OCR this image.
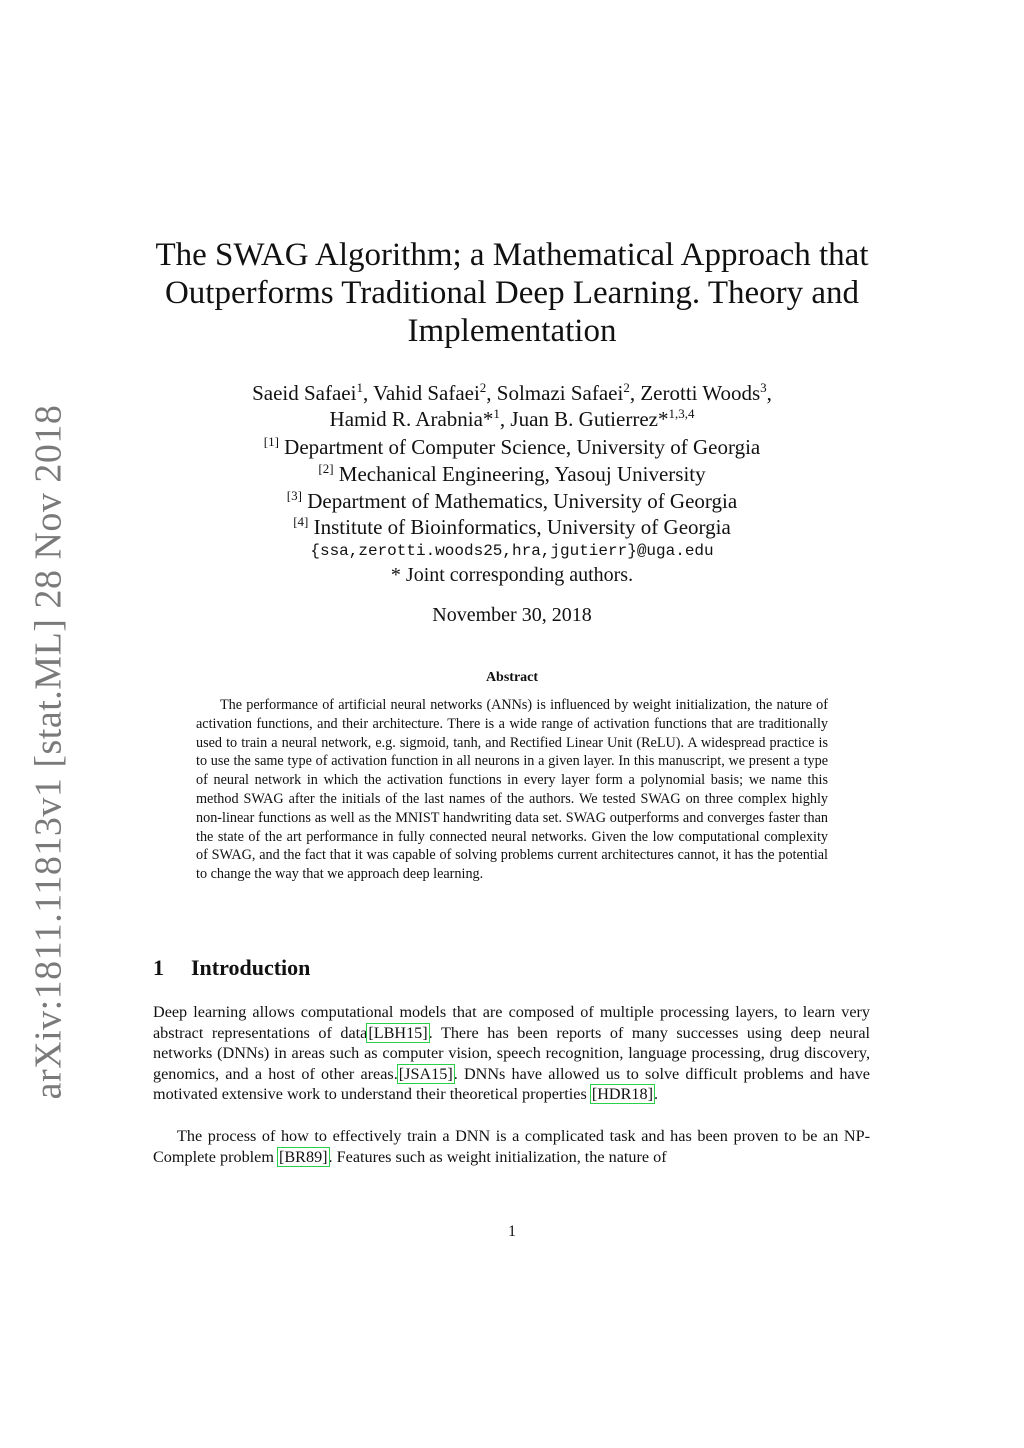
arXiv:1811.11813v1 [stat.ML] 28 Nov 2018
The SWAG Algorithm; a Mathematical Approach that
Outperforms Traditional Deep Learning. Theory and
Implementation
Saeid Safaei$^1$, Vahid Safaei$^2$, Solmazi Safaei$^2$, Zerotti Woods$^3$,
Hamid R. Arabnia*$^1$, Juan B. Gutierrez*$^{1,3,4}$
[1] Department of Computer Science, University of Georgia
[2] Mechanical Engineering, Yasouj University
[3] Department of Mathematics, University of Georgia
[4] Institute of Bioinformatics, University of Georgia
{ssa,zerotti.woods25,hra,jgutierr}@uga.edu
* Joint corresponding authors.
November 30, 2018
Abstract
The performance of artificial neural networks (ANNs) is influenced by weight initialization, the nature of activation functions, and their architecture. There is a wide range of activation functions that are traditionally used to train a neural network, e.g. sigmoid, tanh, and Rectified Linear Unit (ReLU). A widespread practice is to use the same type of activation function in all neurons in a given layer. In this manuscript, we present a type of neural network in which the activation functions in every layer form a polynomial basis; we name this method SWAG after the initials of the last names of the authors. We tested SWAG on three complex highly non-linear functions as well as the MNIST handwriting data set. SWAG outperforms and converges faster than the state of the art performance in fully connected neural networks. Given the low computational complexity of SWAG, and the fact that it was capable of solving problems current architectures cannot, it has the potential to change the way that we approach deep learning.
1 Introduction
Deep learning allows computational models that are composed of multiple processing layers, to learn very abstract representations of data[LBH15]. There has been reports of many successes using deep neural networks (DNNs) in areas such as computer vision, speech recognition, language processing, drug discovery, genomics, and a host of other areas.[JSA15]. DNNs have allowed us to solve difficult problems and have motivated extensive work to understand their theoretical properties [HDR18].
The process of how to effectively train a DNN is a complicated task and has been proven to be an NP-Complete problem [BR89]. Features such as weight initialization, the nature of
1
